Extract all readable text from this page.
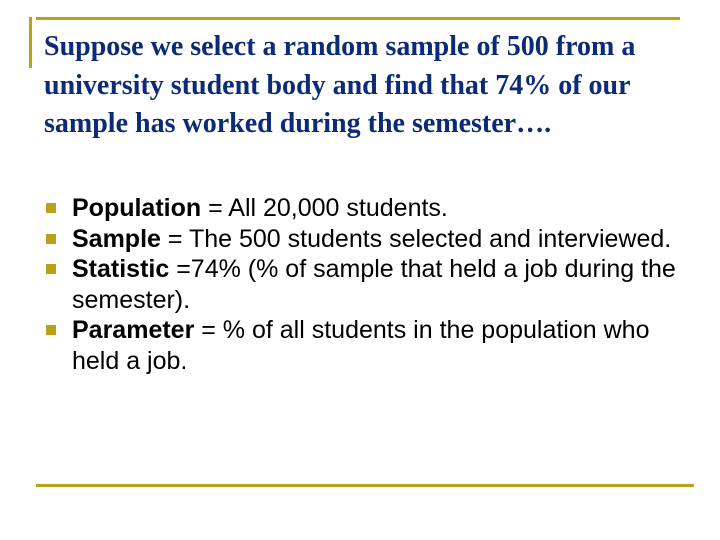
Suppose we select a random sample of 500 from a university student body and find that 74% of our sample has worked during the semester….
Population = All 20,000 students.
Sample = The 500 students selected and interviewed.
Statistic =74% (% of sample that held a job during the semester).
Parameter = % of all students in the population who held a job.
